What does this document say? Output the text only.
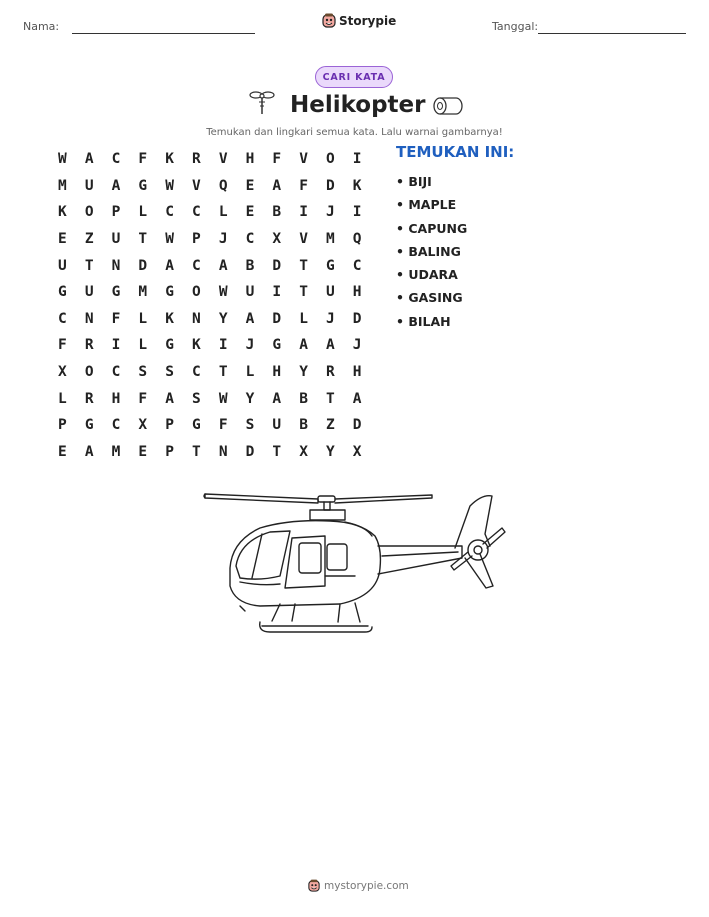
Nama:	Storypie	Tanggal:
CARI KATA
Helikopter
Temukan dan lingkari semua kata. Lalu warnai gambarnya!
W	A	C	F	K	R	V	H	F	V	O	I
M	U	A	G	W	V	Q	E	A	F	D	K
K	O	P	L	C	C	L	E	B	I	J	I
E	Z	U	T	W	P	J	C	X	V	M	Q
U	T	N	D	A	C	A	B	D	T	G	C
G	U	G	M	G	O	W	U	I	T	U	H
C	N	F	L	K	N	Y	A	D	L	J	D
F	R	I	L	G	K	I	J	G	A	A	J
X	O	C	S	S	C	T	L	H	Y	R	H
L	R	H	F	A	S	W	Y	A	B	T	A
P	G	C	X	P	G	F	S	U	B	Z	D
E	A	M	E	P	T	N	D	T	X	Y	X
TEMUKAN INI:
• BIJI
• MAPLE
• CAPUNG
• BALING
• UDARA
• GASING
• BILAH
mystorypie.com
